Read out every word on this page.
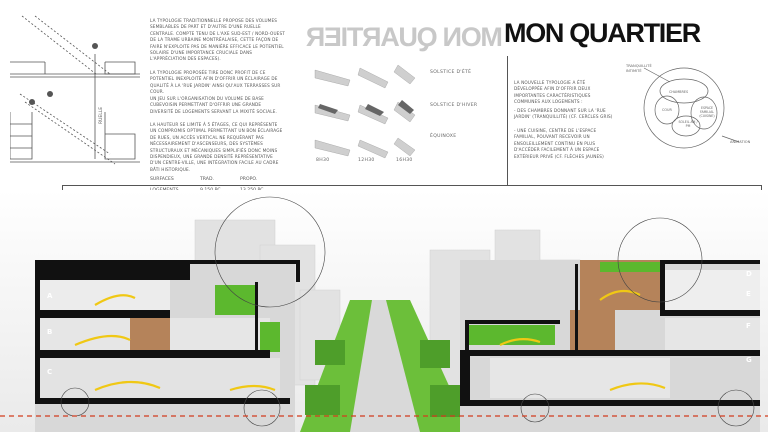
MON QUARTIER MON QUARTIER
RUELLE
LA TYPOLOGIE TRADITIONNELLE PROPOSE DES VOLUMES SEMBLABLES DE PART ET D'AUTRE D'UNE RUELLE CENTRALE. COMPTE TENU DE L'AXE SUD-EST / NORD-OUEST DE LA TRAME URBAINE MONTRÉALAISE, CETTE FAÇON DE FAIRE N'EXPLOITE PAS DE MANIÈRE EFFICACE LE POTENTIEL SOLAIRE D'UNE IMPORTANCE CRUCIALE DANS L'APPRÉCIATION DES ESPACES).
LA TYPOLOGIE PROPOSÉE TIRE DONC PROFIT DE CE POTENTIEL INEXPLOITÉ AFIN D'OFFRIR UN ÉCLAIRAGE DE QUALITÉ À LA 'RUE JARDIN' AINSI QU'AUX TERRASSES SUR COUR.
UN JEU SUR L'ORGANISATION DU VOLUME DE BASE CUBEVOISIN PERMETTANT D'OFFRIR UNE GRANDE DIVERSITÉ DE LOGEMENTS SERVANT LA MIXITÉ SOCIALE.
LA HAUTEUR SE LIMITE À 5 ÉTAGES, CE QUI REPRÉSENTE UN COMPROMIS OPTIMAL PERMETTANT UN BON ÉCLAIRAGE DE RUES, UN ACCÈS VERTICAL NE REQUÉRANT PAS NÉCESSAIREMENT D'ASCENSEURS, DES SYSTÈMES STRUCTURAUX ET MÉCANIQUES SIMPLIFIÉS DONC MOINS DISPENDIEUX, UNE GRANDE DENSITÉ REPRÉSENTATIVE D'UN CENTRE-VILLE, UNE INTÉGRATION FACILE AU CADRE BÂTI HISTORIQUE.
SURFACES	TRAD.	PROPO.
SOLSTICE D'ÉTÉ
SOLSTICE D'HIVER
ÉQUINOXE
8H30	12H30	16H30
LA NOUVELLE TYPOLOGIE A ÉTÉ DÉVELOPPÉE AFIN D'OFFRIR DEUX IMPORTANTES CARACTÉRISTIQUES COMMUNES AUX LOGEMENTS :
- DES CHAMBRES DONNANT SUR LA 'RUE JARDIN' (TRANQUILLITÉ) (CF. CERCLES GRIS)
- UNE CUISINE, CENTRE DE L'ESPACE FAMILIAL, POUVANT RECEVOIR UN ENSOLEILLEMENT CONTINU EN PLUS D'ACCÉDER FACILEMENT À UN ESPACE EXTÉRIEUR PRIVÉ (CF. FLÈCHES JAUNES)
TRANQUILLITÉ
INTIMITÉ
CHAMBRES
COUR	ESPACE FAMILIAL (CUISINE)
SOLEIL AM / PM
ANIMATION
A
B
C
D
E
F
G
